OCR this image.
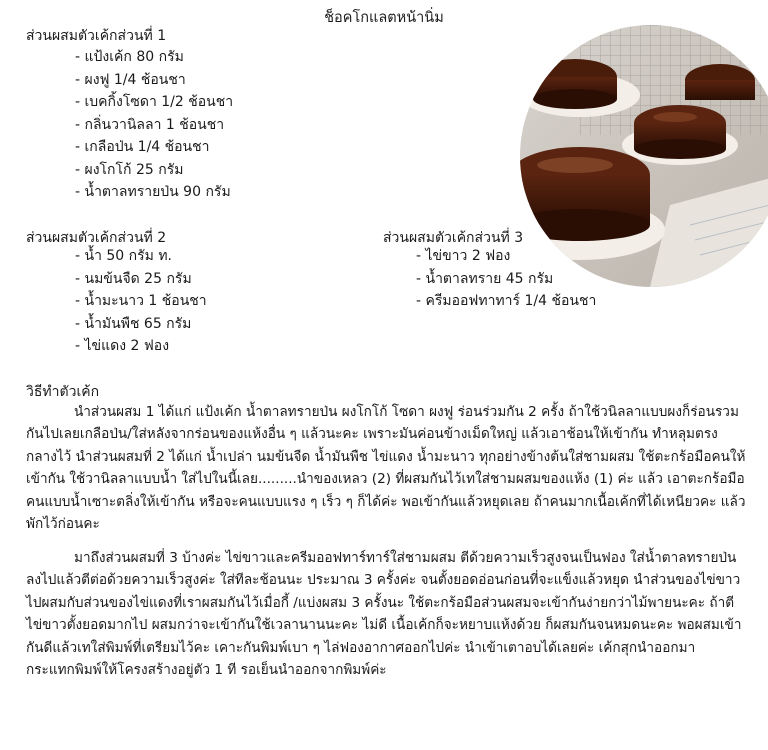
ช็อคโกแลตหน้านิ่ม
ส่วนผสมตัวเค้กส่วนที่ 1
- แป้งเค้ก 80 กรัม
- ผงฟู 1/4 ช้อนชา
- เบคกิ้งโซดา 1/2 ช้อนชา
- กลิ่นวานิลลา 1 ช้อนชา
- เกลือป่น 1/4 ช้อนชา
- ผงโกโก้ 25 กรัม
- น้ำตาลทรายป่น 90 กรัม
ส่วนผสมตัวเค้กส่วนที่ 2
- น้ำ 50 กรัม ท.
- นมข้นจืด 25 กรัม
- น้ำมะนาว 1 ช้อนชา
- น้ำมันพืช 65 กรัม
- ไข่แดง 2 ฟอง
ส่วนผสมตัวเค้กส่วนที่ 3
- ไข่ขาว 2 ฟอง
- น้ำตาลทราย 45 กรัม
- ครีมออฟทาทาร์ 1/4 ช้อนชา
วิธีทำตัวเค้ก

นำส่วนผสม 1 ได้แก่ แป้งเค้ก น้ำตาลทรายป่น ผงโกโก้ โซดา ผงฟู ร่อนร่วมกัน 2 ครั้ง ถ้าใช้วนิลลาแบบผงก็ร่อนรวมกันไปเลยเกลือป่น/ใส่หลังจากร่อนของแห้งอื่น ๆ แล้วนะคะ เพราะมันค่อนข้างเม็ดใหญ่ แล้วเอาช้อนให้เข้ากัน ทำหลุมตรงกลางไว้ นำส่วนผสมที่ 2 ได้แก่ น้ำเปล่า นมข้นจืด น้ำมันพืช ไข่แดง น้ำมะนาว ทุกอย่างข้างต้นใส่ชามผสม ใช้ตะกร้อมือคนให้เข้ากัน ใช้วานิลลาแบบน้ำ ใส่ไปในนี้เลย.........นำของเหลว (2) ที่ผสมกันไว้เทใส่ชามผสมของแห้ง (1) ค่ะ แล้ว เอาตะกร้อมือคนแบบน้ำเซาะตลิ่งให้เข้ากัน หรือจะคนแบบแรง ๆ เร็ว ๆ ก็ได้ค่ะ พอเข้ากันแล้วหยุดเลย ถ้าคนมากเนื้อเค้กที่ได้เหนียวคะ แล้วพักไว้ก่อนคะ

มาถึงส่วนผสมที่ 3 บ้างค่ะ ไข่ขาวและครีมออฟทาร์ทาร์ใส่ชามผสม ตีด้วยความเร็วสูงจนเป็นฟอง ใส่น้ำตาลทรายป่นลงไปแล้วตีต่อด้วยความเร็วสูงค่ะ ใส่ทีละช้อนนะ ประมาณ 3 ครั้งค่ะ จนตั้งยอดอ่อนก่อนที่จะแข็งแล้วหยุด นำส่วนของไข่ขาวไปผสมกับส่วนของไข่แดงที่เราผสมกันไว้เมื่อกี้ /แบ่งผสม 3 ครั้งนะ ใช้ตะกร้อมือส่วนผสมจะเข้ากันง่ายกว่าไม้พายนะคะ ถ้าตีไข่ขาวตั้งยอดมากไป ผสมกว่าจะเข้ากันใช้เวลานานนะคะ ไม่ดี เนื้อเค้กก็จะหยาบแห้งด้วย ก็ผสมกันจนหมดนะคะ พอผสมเข้ากันดีแล้วเทใส่พิมพ์ที่เตรียมไว้คะ เคาะกันพิมพ์เบา ๆ ไล่ฟองอากาศออกไปค่ะ นำเข้าเตาอบได้เลยค่ะ เค้กสุกนำออกมา กระแทกพิมพ์ให้โครงสร้างอยู่ตัว 1 ที รอเย็นนำออกจากพิมพ์ค่ะ
